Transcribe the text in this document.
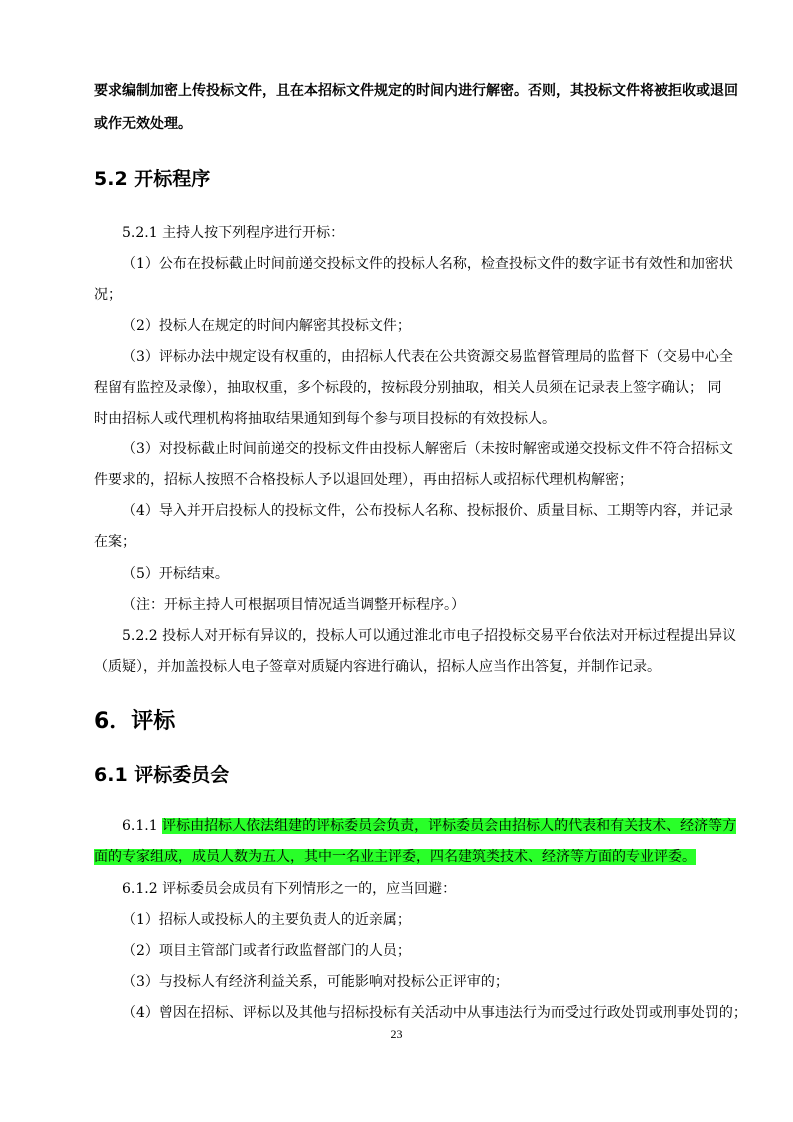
要求编制加密上传投标文件，且在本招标文件规定的时间内进行解密。否则，其投标文件将被拒收或退回
或作无效处理。
5.2 开标程序
5.2.1 主持人按下列程序进行开标：
（1）公布在投标截止时间前递交投标文件的投标人名称，检查投标文件的数字证书有效性和加密状
况；
（2）投标人在规定的时间内解密其投标文件；
（3）评标办法中规定设有权重的，由招标人代表在公共资源交易监督管理局的监督下（交易中心全
程留有监控及录像），抽取权重，多个标段的，按标段分别抽取，相关人员须在记录表上签字确认； 同
时由招标人或代理机构将抽取结果通知到每个参与项目投标的有效投标人。
（3）对投标截止时间前递交的投标文件由投标人解密后（未按时解密或递交投标文件不符合招标文
件要求的，招标人按照不合格投标人予以退回处理），再由招标人或招标代理机构解密；
（4）导入并开启投标人的投标文件，公布投标人名称、投标报价、质量目标、工期等内容，并记录
在案；
（5）开标结束。
（注：开标主持人可根据项目情况适当调整开标程序。）
5.2.2 投标人对开标有异议的，投标人可以通过淮北市电子招投标交易平台依法对开标过程提出异议
（质疑），并加盖投标人电子签章对质疑内容进行确认，招标人应当作出答复，并制作记录。
6．评标
6.1 评标委员会
6.1.1 评标由招标人依法组建的评标委员会负责，评标委员会由招标人的代表和有关技术、经济等方
面的专家组成，成员人数为五人，其中一名业主评委，四名建筑类技术、经济等方面的专业评委。
6.1.2 评标委员会成员有下列情形之一的，应当回避：
（1）招标人或投标人的主要负责人的近亲属；
（2）项目主管部门或者行政监督部门的人员；
（3）与投标人有经济利益关系，可能影响对投标公正评审的；
（4）曾因在招标、评标以及其他与招标投标有关活动中从事违法行为而受过行政处罚或刑事处罚的；
23
